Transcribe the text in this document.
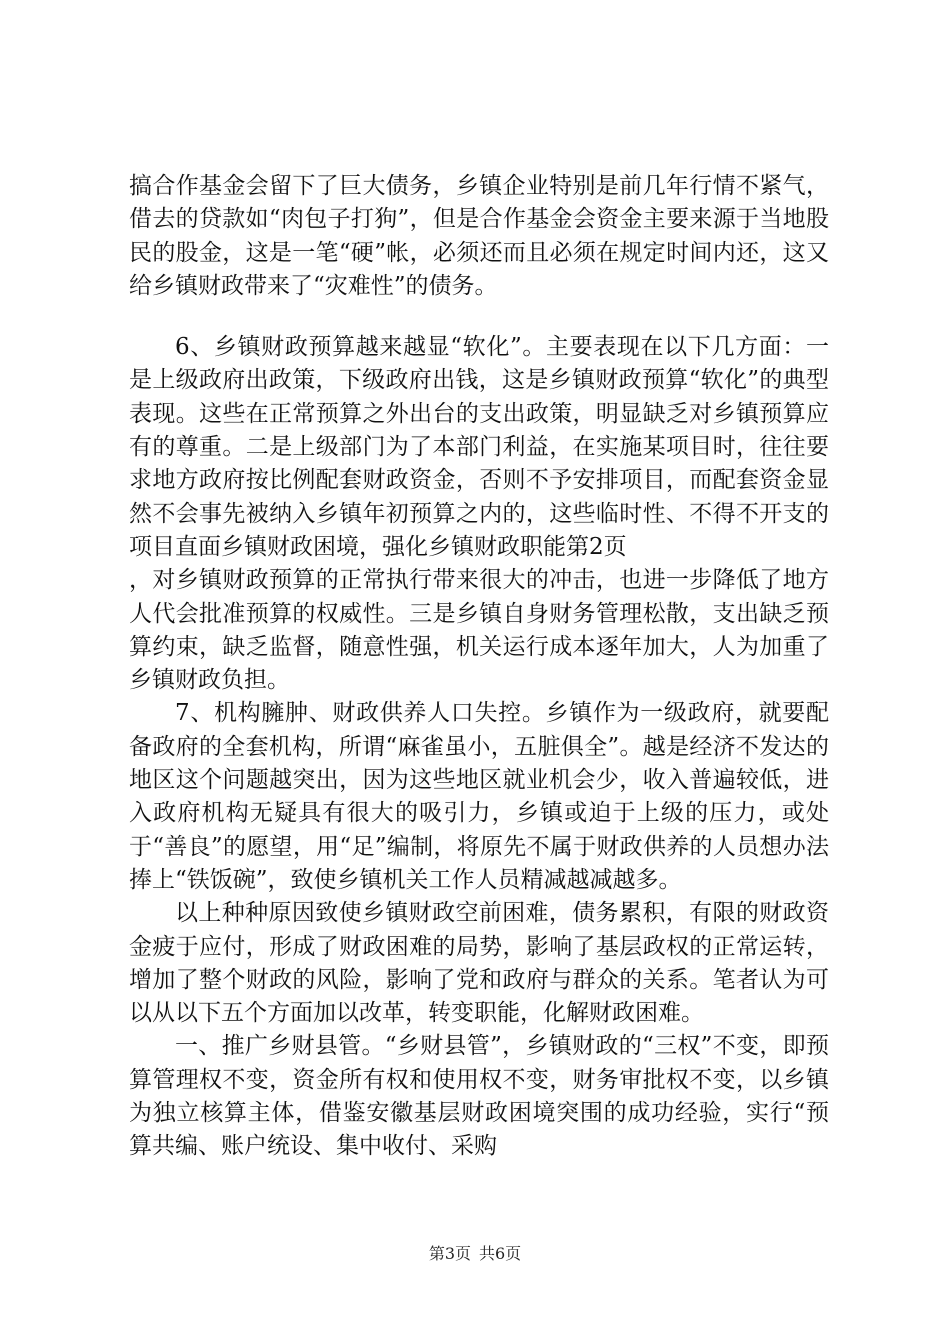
搞合作基金会留下了巨大债务，乡镇企业特别是前几年行情不紧气，借去的贷款如“肉包子打狗”，但是合作基金会资金主要来源于当地股民的股金，这是一笔“硬”帐，必须还而且必须在规定时间内还，这又给乡镇财政带来了“灾难性”的债务。

6、乡镇财政预算越来越显“软化”。主要表现在以下几方面：一是上级政府出政策，下级政府出钱，这是乡镇财政预算“软化”的典型表现。这些在正常预算之外出台的支出政策，明显缺乏对乡镇预算应有的尊重。二是上级部门为了本部门利益，在实施某项目时，往往要求地方政府按比例配套财政资金，否则不予安排项目，而配套资金显然不会事先被纳入乡镇年初预算之内的，这些临时性、不得不开支的项目直面乡镇财政困境，强化乡镇财政职能第2页

，对乡镇财政预算的正常执行带来很大的冲击，也进一步降低了地方人代会批准预算的权威性。三是乡镇自身财务管理松散，支出缺乏预算约束，缺乏监督，随意性强，机关运行成本逐年加大，人为加重了乡镇财政负担。

7、机构臃肿、财政供养人口失控。乡镇作为一级政府，就要配备政府的全套机构，所谓“麻雀虽小，五脏俱全”。越是经济不发达的地区这个问题越突出，因为这些地区就业机会少，收入普遍较低，进入政府机构无疑具有很大的吸引力，乡镇或迫于上级的压力，或处于“善良”的愿望，用“足”编制，将原先不属于财政供养的人员想办法捧上“铁饭碗”，致使乡镇机关工作人员精减越减越多。

以上种种原因致使乡镇财政空前困难，债务累积，有限的财政资金疲于应付，形成了财政困难的局势，影响了基层政权的正常运转，增加了整个财政的风险，影响了党和政府与群众的关系。笔者认为可以从以下五个方面加以改革，转变职能，化解财政困难。

一、推广乡财县管。“乡财县管”，乡镇财政的“三权”不变，即预算管理权不变，资金所有权和使用权不变，财务审批权不变，以乡镇为独立核算主体，借鉴安徽基层财政困境突围的成功经验，实行“预算共编、账户统设、集中收付、采购

第3页 共6页
